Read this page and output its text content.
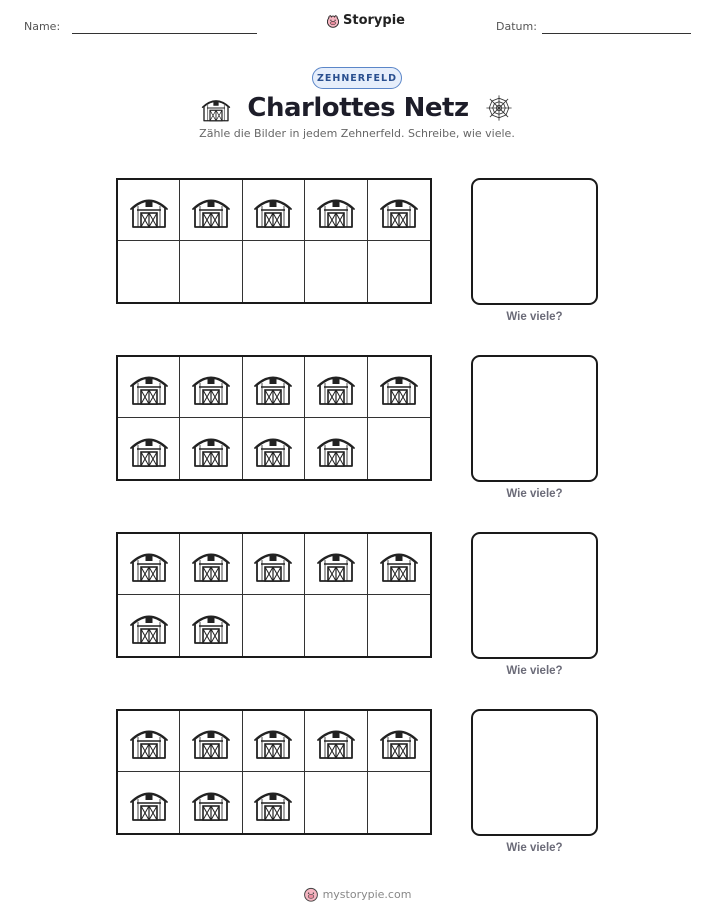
Name:	Storypie	Datum:
ZEHNERFELD
Charlottes Netz
Zähle die Bilder in jedem Zehnerfeld. Schreibe, wie viele.
Wie viele?
Wie viele?
Wie viele?
Wie viele?
mystorypie.com
